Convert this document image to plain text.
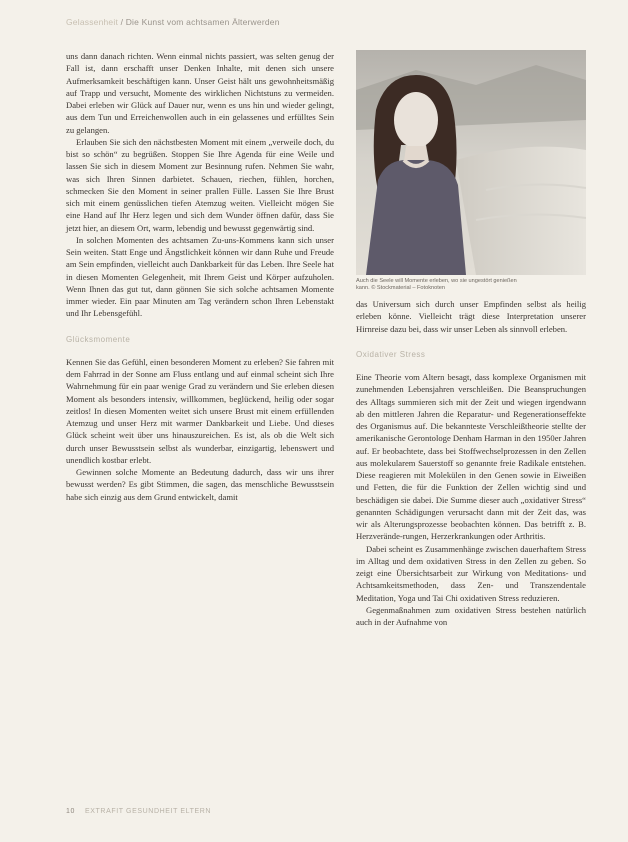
Gelassenheit / Die Kunst vom achtsamen Älterwerden

uns dann danach richten. Wenn einmal nichts passiert, was selten genug der Fall ist, dann erschafft unser Denken Inhalte, mit denen sich unsere Aufmerksamkeit beschäftigen kann. Unser Geist hält uns gewohnheitsmäßig auf Trapp und versucht, Momente des wirklichen Nichtstuns zu vermeiden. Dabei erleben wir Glück auf Dauer nur, wenn es uns hin und wieder gelingt, aus dem Tun und Erreichenwollen auch in ein gelassenes und erfülltes Sein zu gelangen.

Erlauben Sie sich den nächstbesten Moment mit einem „verweile doch, du bist so schön“ zu begrüßen. Stoppen Sie Ihre Agenda für eine Weile und lassen Sie sich in diesem Moment zur Besinnung rufen. Nehmen Sie wahr, was sich Ihren Sinnen darbietet. Schauen, riechen, fühlen, horchen, schmecken Sie den Moment in seiner prallen Fülle. Lassen Sie Ihre Brust sich mit einem genüsslichen tiefen Atemzug weiten. Vielleicht mögen Sie eine Hand auf Ihr Herz legen und sich dem Wunder öffnen dafür, dass Sie jetzt hier, an diesem Ort, warm, lebendig und bewusst gegenwärtig sind.

In solchen Momenten des achtsamen Zu-uns-Kommens kann sich unser Sein weiten. Statt Enge und Ängstlichkeit können wir dann Ruhe und Freude am Sein empfinden, vielleicht auch Dankbarkeit für das Leben. Ihre Seele hat in diesen Momenten Gelegenheit, mit Ihrem Geist und Körper aufzuholen. Wenn Ihnen das gut tut, dann gönnen Sie sich solche achtsamen Momente immer wieder. Ein paar Minuten am Tag verändern schon Ihren Lebenstakt und Ihr Lebensgefühl.

Glücksmomente

Kennen Sie das Gefühl, einen besonderen Moment zu erleben? Sie fahren mit dem Fahrrad in der Sonne am Fluss entlang und auf einmal scheint sich Ihre Wahrnehmung für ein paar wenige Grad zu verändern und Sie erleben diesen Moment als besonders intensiv, willkommen, beglückend, heilig oder sogar zeitlos! In diesen Momenten weitet sich unsere Brust mit einem erfüllenden Atemzug und unser Herz mit warmer Dankbarkeit und Liebe. Und dieses Glück scheint weit über uns hinauszureichen. Es ist, als ob die Welt sich durch unser Bewusstsein selbst als wunderbar, einzigartig, lebenswert und unendlich kostbar erlebt.

Gewinnen solche Momente an Bedeutung dadurch, dass wir uns ihrer bewusst werden? Es gibt Stimmen, die sagen, das menschliche Bewusstsein habe sich einzig aus dem Grund entwickelt, damit

Auch die Seele will Momente erleben, wo sie ungestört genießen
kann. © Stockmaterial – Fotoknoten

das Universum sich durch unser Empfinden selbst als heilig erleben könne. Vielleicht trägt diese Interpretation unserer Hirnreise dazu bei, dass wir unser Leben als sinnvoll erleben.

Oxidativer Stress

Eine Theorie vom Altern besagt, dass komplexe Organismen mit zunehmenden Lebensjahren verschleißen. Die Beanspruchungen des Alltags summieren sich mit der Zeit und wiegen irgendwann ab den mittleren Jahren die Reparatur- und Regenerationseffekte des Organismus auf. Die bekannteste Verschleißtheorie stellte der amerikanische Gerontologe Denham Harman in den 1950er Jahren auf. Er beobachtete, dass bei Stoffwechselprozessen in den Zellen aus molekularem Sauerstoff so genannte freie Radikale entstehen. Diese reagieren mit Molekülen in den Genen sowie in Eiweißen und Fetten, die für die Funktion der Zellen wichtig sind und beschädigen sie dabei. Die Summe dieser auch „oxidativer Stress“ genannten Schädigungen verursacht dann mit der Zeit das, was wir als Alterungsprozesse beobachten können. Das betrifft z. B. Herzverände-rungen, Herzerkrankungen oder Arthritis.

Dabei scheint es Zusammenhänge zwischen dauerhaftem Stress im Alltag und dem oxidativen Stress in den Zellen zu geben. So zeigt eine Übersichtsarbeit zur Wirkung von Meditations- und Achtsamkeitsmethoden, dass Zen- und Transzendentale Meditation, Yoga und Tai Chi oxidativen Stress reduzieren.

Gegenmaßnahmen zum oxidativen Stress bestehen natürlich auch in der Aufnahme von

10 EXTRAFIT GESUNDHEIT ELTERN
